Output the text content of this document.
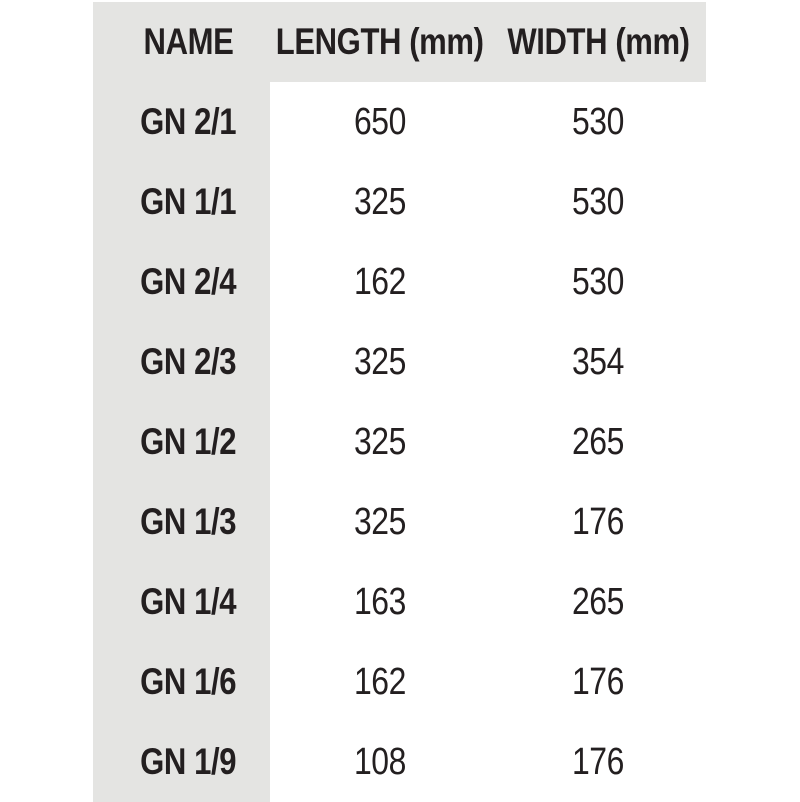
NAME LENGTH (mm) WIDTH (mm)
GN 2/1	650	530
GN 1/1	325	530
GN 2/4	162	530
GN 2/3	325	354
GN 1/2	325	265
GN 1/3	325	176
GN 1/4	163	265
GN 1/6	162	176
GN 1/9	108	176
